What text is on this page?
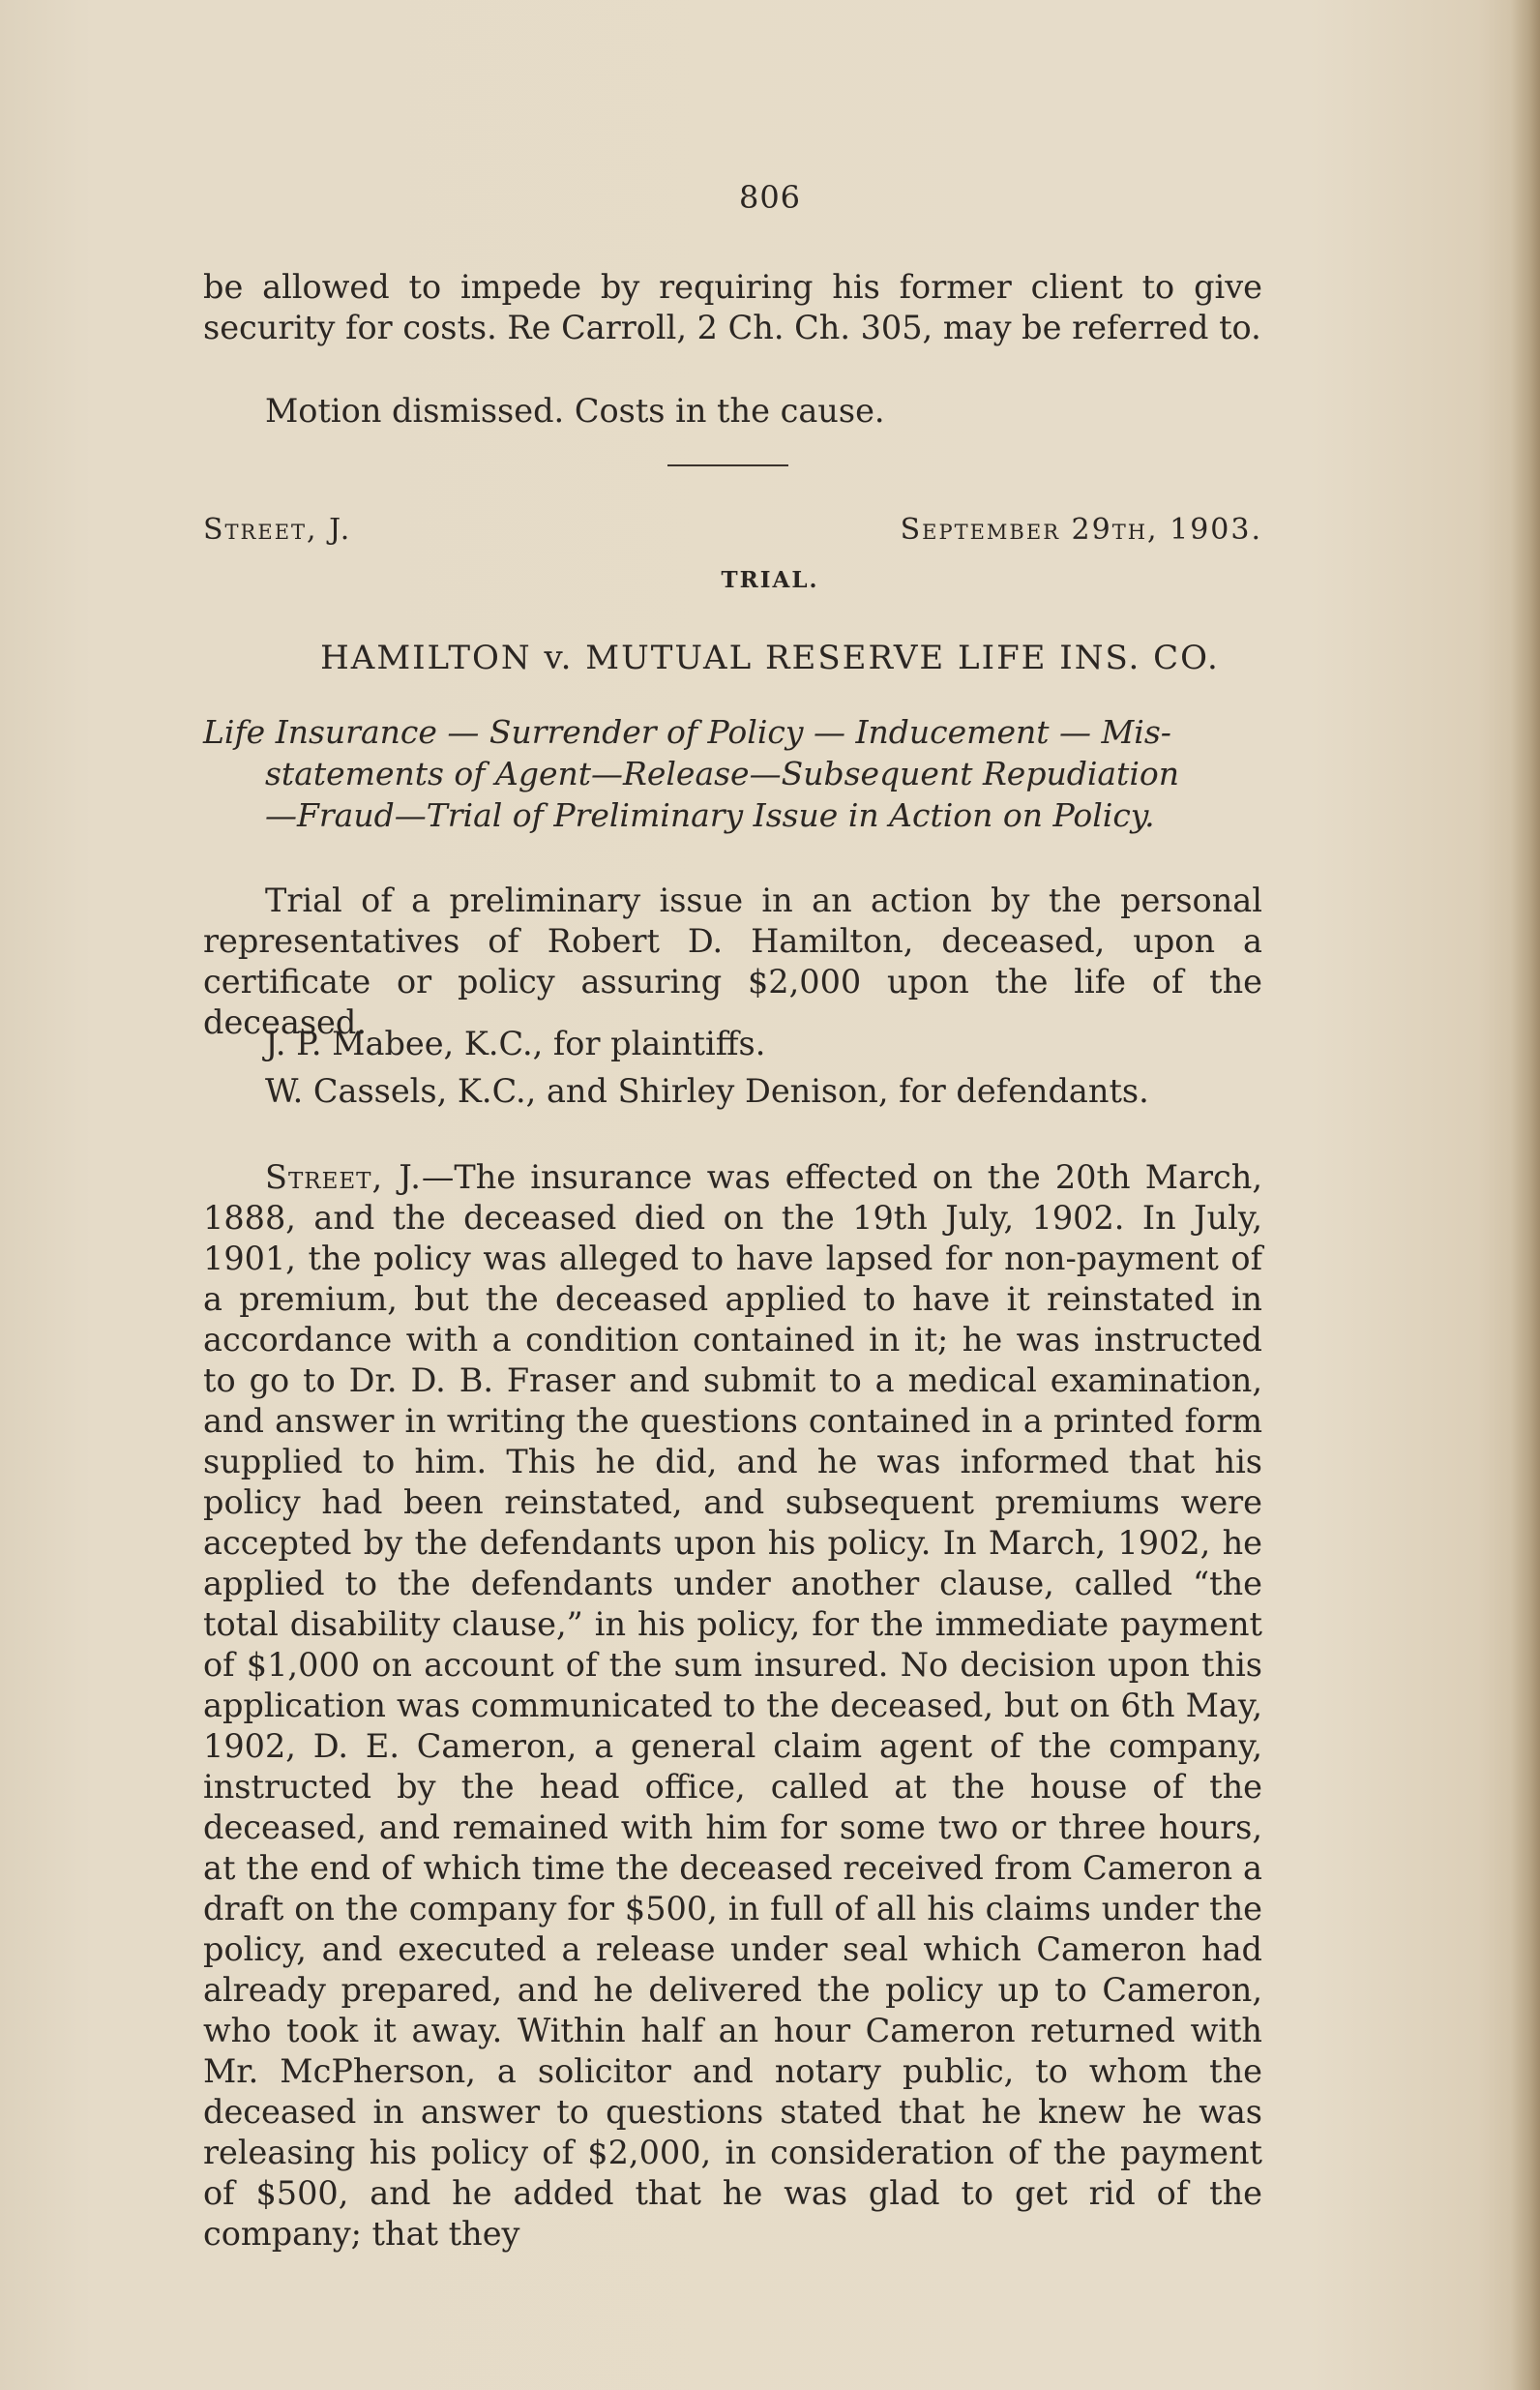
806

be allowed to impede by requiring his former client to give security for costs. Re Carroll, 2 Ch. Ch. 305, may be referred to.

Motion dismissed. Costs in the cause.
Street, J.	September 29th, 1903.
TRIAL.
HAMILTON v. MUTUAL RESERVE LIFE INS. CO.
Life Insurance — Surrender of Policy — Inducement — Mis-
statements of Agent—Release—Subsequent Repudiation
—Fraud—Trial of Preliminary Issue in Action on Policy.

Trial of a preliminary issue in an action by the personal representatives of Robert D. Hamilton, deceased, upon a certificate or policy assuring $2,000 upon the life of the deceased.

J. P. Mabee, K.C., for plaintiffs.
W. Cassels, K.C., and Shirley Denison, for defendants.

Street, J.—The insurance was effected on the 20th March, 1888, and the deceased died on the 19th July, 1902. In July, 1901, the policy was alleged to have lapsed for non-payment of a premium, but the deceased applied to have it reinstated in accordance with a condition contained in it; he was instructed to go to Dr. D. B. Fraser and submit to a medical examination, and answer in writing the questions contained in a printed form supplied to him. This he did, and he was informed that his policy had been reinstated, and subsequent premiums were accepted by the defendants upon his policy. In March, 1902, he applied to the defendants under another clause, called “the total disability clause,” in his policy, for the immediate payment of $1,000 on account of the sum insured. No decision upon this application was communicated to the deceased, but on 6th May, 1902, D. E. Cameron, a general claim agent of the company, instructed by the head office, called at the house of the deceased, and remained with him for some two or three hours, at the end of which time the deceased received from Cameron a draft on the company for $500, in full of all his claims under the policy, and executed a release under seal which Cameron had already prepared, and he delivered the policy up to Cameron, who took it away. Within half an hour Cameron returned with Mr. McPherson, a solicitor and notary public, to whom the deceased in answer to questions stated that he knew he was releasing his policy of $2,000, in consideration of the payment of $500, and he added that he was glad to get rid of the company; that they
